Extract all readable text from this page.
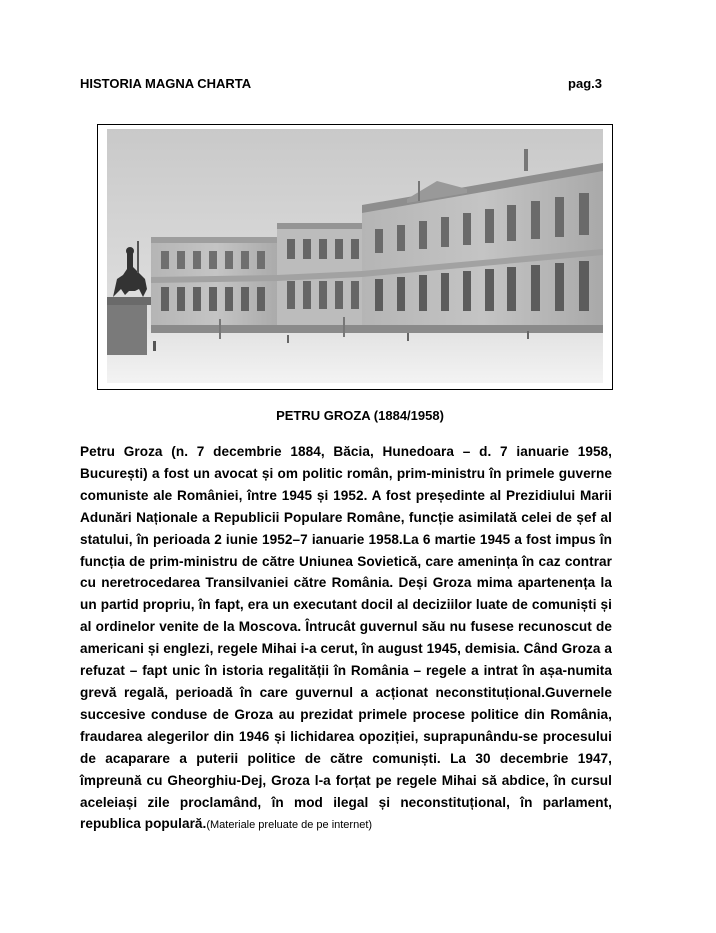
HISTORIA MAGNA CHARTA	pag.3
PETRU GROZA (1884/1958)
Petru Groza (n. 7 decembrie 1884, Băcia, Hunedoara – d. 7 ianuarie 1958, București) a fost un avocat și om politic român, prim-ministru în primele guverne comuniste ale României, între 1945 și 1952. A fost președinte al Prezidiului Marii Adunări Naționale a Republicii Populare Române, funcție asimilată celei de șef al statului, în perioada 2 iunie 1952–7 ianuarie 1958.La 6 martie 1945 a fost impus în funcția de prim-ministru de către Uniunea Sovietică, care amenința în caz contrar cu neretrocedarea Transilvaniei către România. Deși Groza mima apartenența la un partid propriu, în fapt, era un executant docil al deciziilor luate de comuniști și al ordinelor venite de la Moscova. Întrucât guvernul său nu fusese recunoscut de americani și englezi, regele Mihai i-a cerut, în august 1945, demisia. Când Groza a refuzat – fapt unic în istoria regalității în România – regele a intrat în așa-numita grevă regală, perioadă în care guvernul a acționat neconstituțional.Guvernele succesive conduse de Groza au prezidat primele procese politice din România, fraudarea alegerilor din 1946 și lichidarea opoziției, suprapunându-se procesului de acaparare a puterii politice de către comuniști. La 30 decembrie 1947, împreună cu Gheorghiu-Dej, Groza l-a forțat pe regele Mihai să abdice, în cursul aceleiași zile proclamând, în mod ilegal și neconstituțional, în parlament, republica populară.(Materiale preluate de pe internet)
